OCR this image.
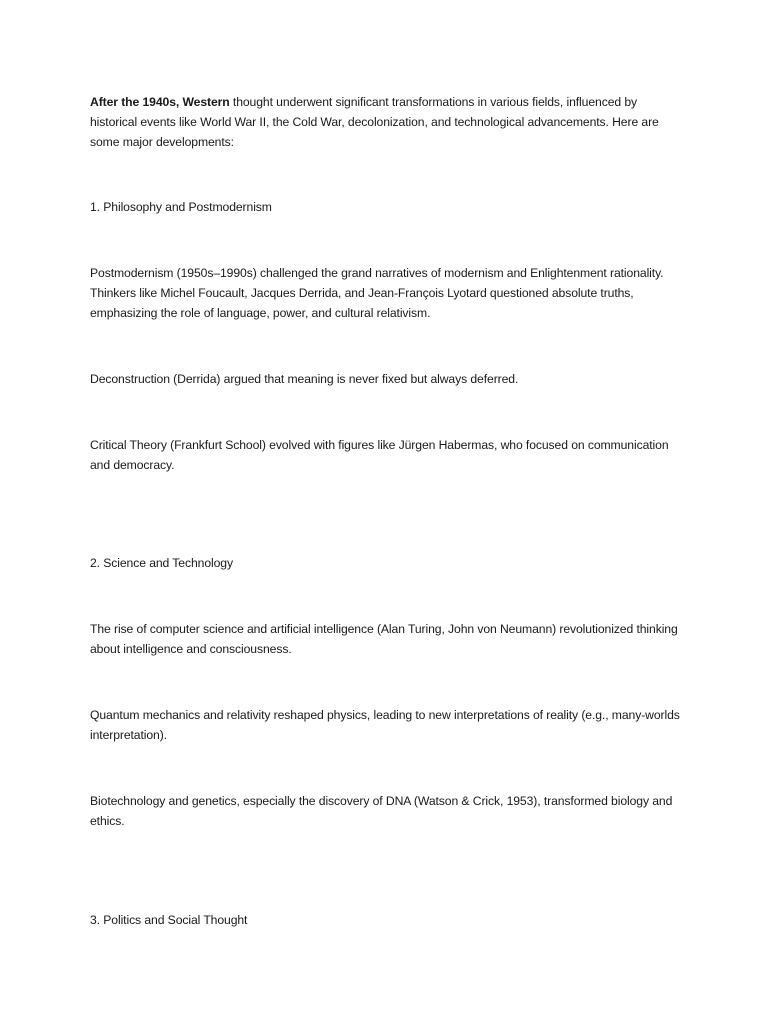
After the 1940s, Western thought underwent significant transformations in various fields, influenced by historical events like World War II, the Cold War, decolonization, and technological advancements. Here are some major developments:

1. Philosophy and Postmodernism

Postmodernism (1950s–1990s) challenged the grand narratives of modernism and Enlightenment rationality. Thinkers like Michel Foucault, Jacques Derrida, and Jean-François Lyotard questioned absolute truths, emphasizing the role of language, power, and cultural relativism.

Deconstruction (Derrida) argued that meaning is never fixed but always deferred.

Critical Theory (Frankfurt School) evolved with figures like Jürgen Habermas, who focused on communication and democracy.

2. Science and Technology

The rise of computer science and artificial intelligence (Alan Turing, John von Neumann) revolutionized thinking about intelligence and consciousness.

Quantum mechanics and relativity reshaped physics, leading to new interpretations of reality (e.g., many-worlds interpretation).

Biotechnology and genetics, especially the discovery of DNA (Watson & Crick, 1953), transformed biology and ethics.

3. Politics and Social Thought
